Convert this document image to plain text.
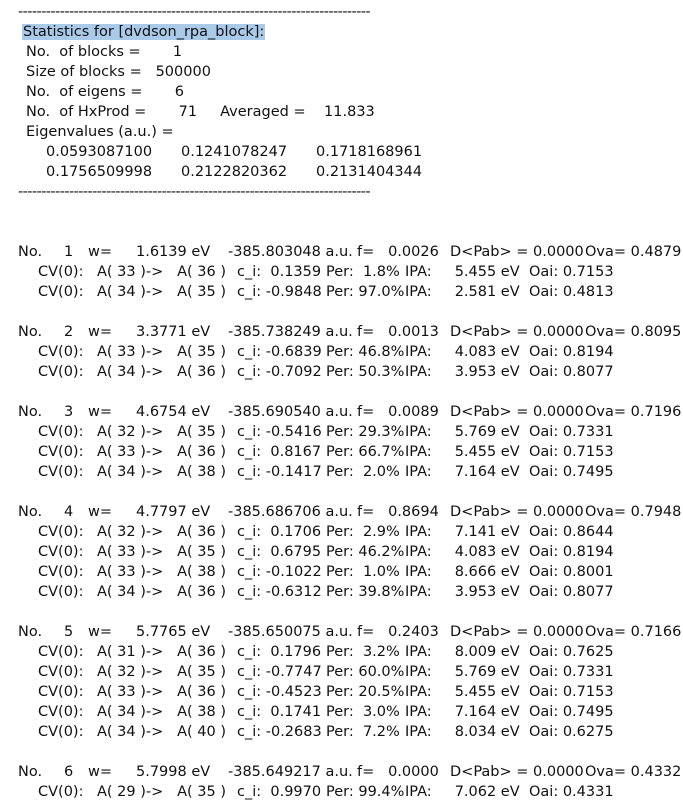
----------------------------------------------------------------------------
Statistics for [dvdson_rpa_block]:
No.  of blocks =       1
Size of blocks =   500000
No.  of eigens =       6
No.  of HxProd =       71     Averaged =    11.833
Eigenvalues (a.u.) =
0.0593087100 0.1241078247 0.1718168961
0.1756509998 0.2122820362 0.2131404344
----------------------------------------------------------------------------
No. 1 w= 1.6139 eV -385.803048 a.u. f=   0.0026 D<Pab> = 0.0000 Ova= 0.4879
CV(0): A( 33 )->   A( 36 ) c_i:  0.1359 Per:  1.8% IPA:     5.455 eV Oai: 0.7153
CV(0): A( 34 )->   A( 35 ) c_i: -0.9848 Per: 97.0% IPA:     2.581 eV Oai: 0.4813
No. 2 w= 3.3771 eV -385.738249 a.u. f=   0.0013 D<Pab> = 0.0000 Ova= 0.8095
CV(0): A( 33 )->   A( 35 ) c_i: -0.6839 Per: 46.8% IPA:     4.083 eV Oai: 0.8194
CV(0): A( 34 )->   A( 36 ) c_i: -0.7092 Per: 50.3% IPA:     3.953 eV Oai: 0.8077
No. 3 w= 4.6754 eV -385.690540 a.u. f=   0.0089 D<Pab> = 0.0000 Ova= 0.7196
CV(0): A( 32 )->   A( 35 ) c_i: -0.5416 Per: 29.3% IPA:     5.769 eV Oai: 0.7331
CV(0): A( 33 )->   A( 36 ) c_i:  0.8167 Per: 66.7% IPA:     5.455 eV Oai: 0.7153
CV(0): A( 34 )->   A( 38 ) c_i: -0.1417 Per:  2.0% IPA:     7.164 eV Oai: 0.7495
No. 4 w= 4.7797 eV -385.686706 a.u. f=   0.8694 D<Pab> = 0.0000 Ova= 0.7948
CV(0): A( 32 )->   A( 36 ) c_i:  0.1706 Per:  2.9% IPA:     7.141 eV Oai: 0.8644
CV(0): A( 33 )->   A( 35 ) c_i:  0.6795 Per: 46.2% IPA:     4.083 eV Oai: 0.8194
CV(0): A( 33 )->   A( 38 ) c_i: -0.1022 Per:  1.0% IPA:     8.666 eV Oai: 0.8001
CV(0): A( 34 )->   A( 36 ) c_i: -0.6312 Per: 39.8% IPA:     3.953 eV Oai: 0.8077
No. 5 w= 5.7765 eV -385.650075 a.u. f=   0.2403 D<Pab> = 0.0000 Ova= 0.7166
CV(0): A( 31 )->   A( 36 ) c_i:  0.1796 Per:  3.2% IPA:     8.009 eV Oai: 0.7625
CV(0): A( 32 )->   A( 35 ) c_i: -0.7747 Per: 60.0% IPA:     5.769 eV Oai: 0.7331
CV(0): A( 33 )->   A( 36 ) c_i: -0.4523 Per: 20.5% IPA:     5.455 eV Oai: 0.7153
CV(0): A( 34 )->   A( 38 ) c_i:  0.1741 Per:  3.0% IPA:     7.164 eV Oai: 0.7495
CV(0): A( 34 )->   A( 40 ) c_i: -0.2683 Per:  7.2% IPA:     8.034 eV Oai: 0.6275
No. 6 w= 5.7998 eV -385.649217 a.u. f=   0.0000 D<Pab> = 0.0000 Ova= 0.4332
CV(0): A( 29 )->   A( 35 ) c_i:  0.9970 Per: 99.4% IPA:     7.062 eV Oai: 0.4331
